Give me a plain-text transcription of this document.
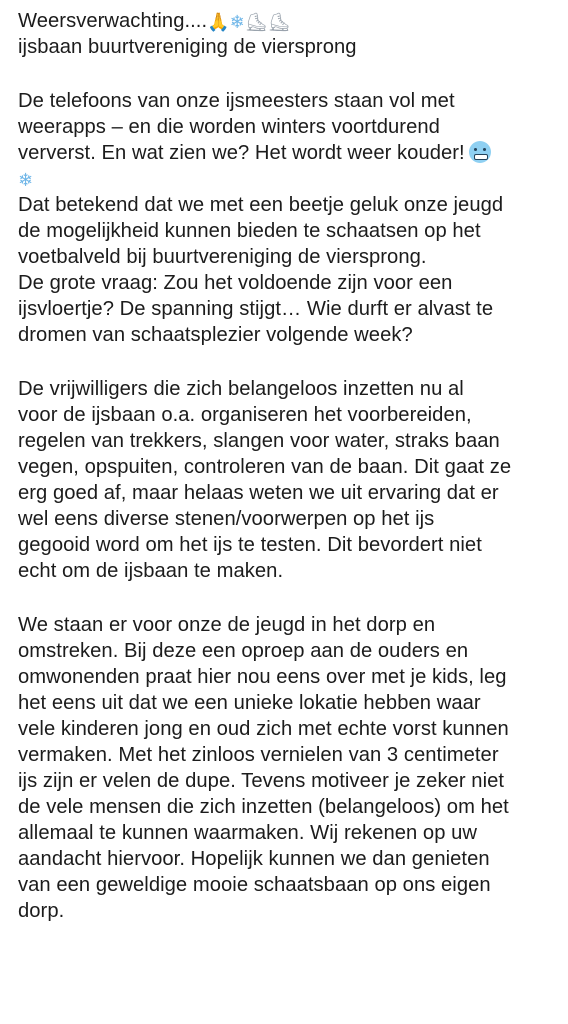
Weersverwachting....🙏❄⛸⛸
ijsbaan buurtvereniging de viersprong
De telefoons van onze ijsmeesters staan vol met
weerapps – en die worden winters voortdurend
ververst. En wat zien we? Het wordt weer kouder!
❄
Dat betekend dat we met een beetje geluk onze jeugd
de mogelijkheid kunnen bieden te schaatsen op het
voetbalveld bij buurtvereniging de viersprong.
De grote vraag: Zou het voldoende zijn voor een
ijsvloertje? De spanning stijgt… Wie durft er alvast te
dromen van schaatsplezier volgende week?
De vrijwilligers die zich belangeloos inzetten nu al
voor de ijsbaan o.a. organiseren het voorbereiden,
regelen van trekkers, slangen voor water, straks baan
vegen, opspuiten, controleren van de baan. Dit gaat ze
erg goed af, maar helaas weten we uit ervaring dat er
wel eens diverse stenen/voorwerpen op het ijs
gegooid word om het ijs te testen. Dit bevordert niet
echt om de ijsbaan te maken.
We staan er voor onze de jeugd in het dorp en
omstreken. Bij deze een oproep aan de ouders en
omwonenden praat hier nou eens over met je kids, leg
het eens uit dat we een unieke lokatie hebben waar
vele kinderen jong en oud zich met echte vorst kunnen
vermaken. Met het zinloos vernielen van 3 centimeter
ijs zijn er velen de dupe. Tevens motiveer je zeker niet
de vele mensen die zich inzetten (belangeloos) om het
allemaal te kunnen waarmaken. Wij rekenen op uw
aandacht hiervoor. Hopelijk kunnen we dan genieten
van een geweldige mooie schaatsbaan op ons eigen
dorp.
